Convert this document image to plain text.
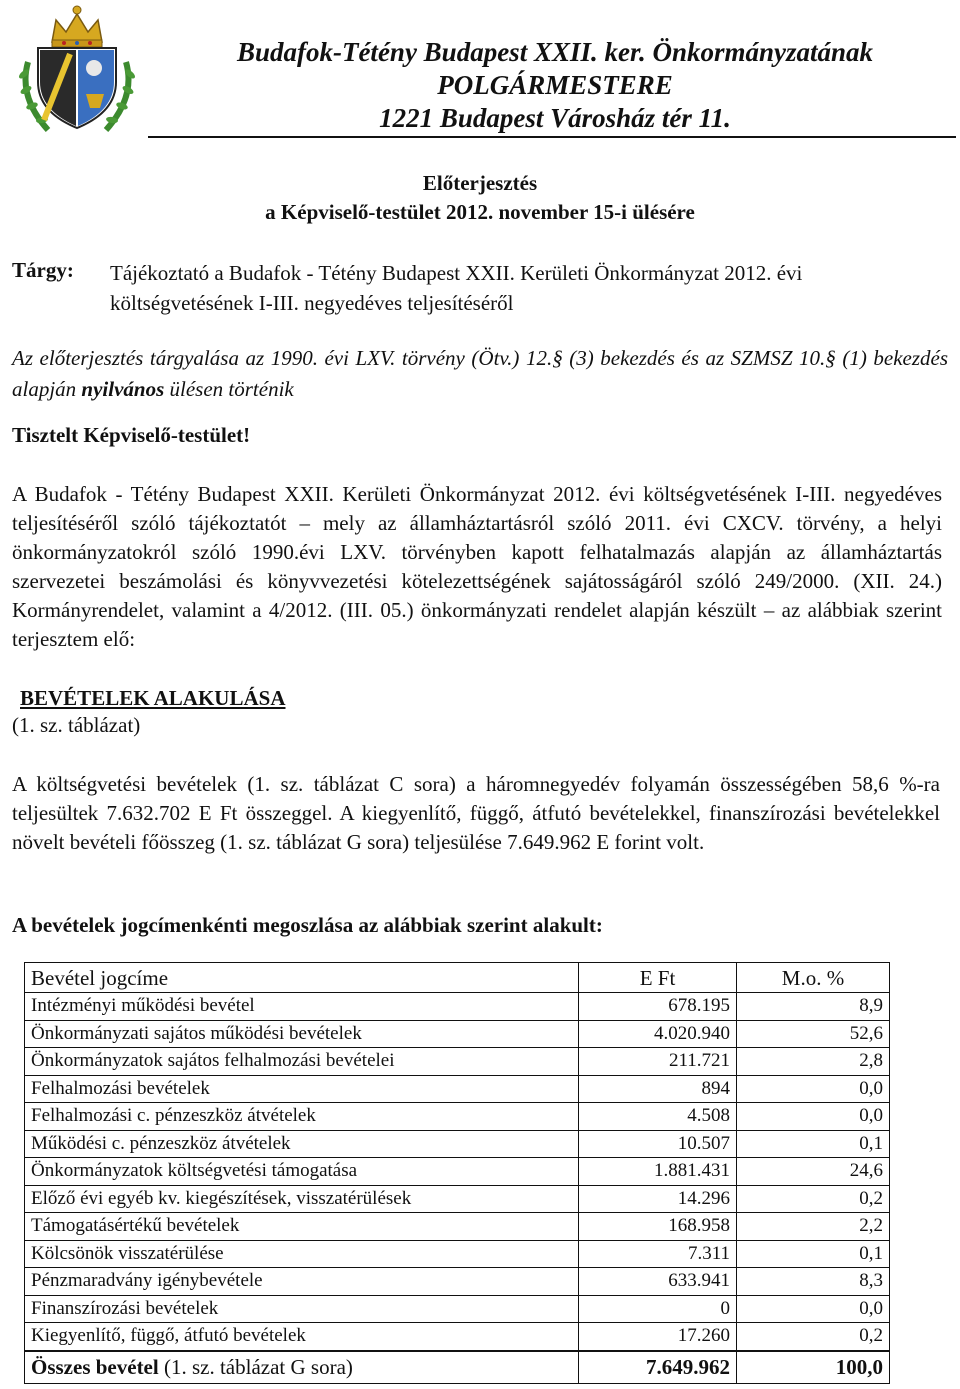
Budafok-Tétény Budapest XXII. ker. Önkormányzatának
POLGÁRMESTERE
1221 Budapest Városház tér 11.
Előterjesztés
a Képviselő-testület 2012. november 15-i ülésére
Tárgy: Tájékoztató a Budafok - Tétény Budapest XXII. Kerületi Önkormányzat 2012. évi költségvetésének I-III. negyedéves teljesítéséről
Az előterjesztés tárgyalása az 1990. évi LXV. törvény (Ötv.) 12.§ (3) bekezdés és az SZMSZ 10.§ (1) bekezdés alapján nyilvános ülésen történik
Tisztelt Képviselő-testület!
A Budafok - Tétény Budapest XXII. Kerületi Önkormányzat 2012. évi költségvetésének I-III. negyedéves teljesítéséről szóló tájékoztatót – mely az államháztartásról szóló 2011. évi CXCV. törvény, a helyi önkormányzatokról szóló 1990.évi LXV. törvényben kapott felhatalmazás alapján az államháztartás szervezetei beszámolási és könyvvezetési kötelezettségének sajátosságáról szóló 249/2000. (XII. 24.) Kormányrendelet, valamint a 4/2012. (III. 05.) önkormányzati rendelet alapján készült – az alábbiak szerint terjesztem elő:
BEVÉTELEK ALAKULÁSA
(1. sz. táblázat)
A költségvetési bevételek (1. sz. táblázat C sora) a háromnegyedév folyamán összességében 58,6 %-ra teljesültek 7.632.702 E Ft összeggel. A kiegyenlítő, függő, átfutó bevételekkel, finanszírozási bevételekkel növelt bevételi főösszeg (1. sz. táblázat G sora) teljesülése 7.649.962 E forint volt.
A bevételek jogcímenkénti megoszlása az alábbiak szerint alakult:
Bevétel jogcíme	E Ft	M.o. %
Intézményi működési bevétel	678.195	8,9
Önkormányzati sajátos működési bevételek	4.020.940	52,6
Önkormányzatok sajátos felhalmozási bevételei	211.721	2,8
Felhalmozási bevételek	894	0,0
Felhalmozási c. pénzeszköz átvételek	4.508	0,0
Működési c. pénzeszköz átvételek	10.507	0,1
Önkormányzatok költségvetési támogatása	1.881.431	24,6
Előző évi egyéb kv. kiegészítések, visszatérülések	14.296	0,2
Támogatásértékű bevételek	168.958	2,2
Kölcsönök visszatérülése	7.311	0,1
Pénzmaradvány igénybevétele	633.941	8,3
Finanszírozási bevételek	0	0,0
Kiegyenlítő, függő, átfutó bevételek	17.260	0,2
Összes bevétel (1. sz. táblázat G sora)	7.649.962	100,0
